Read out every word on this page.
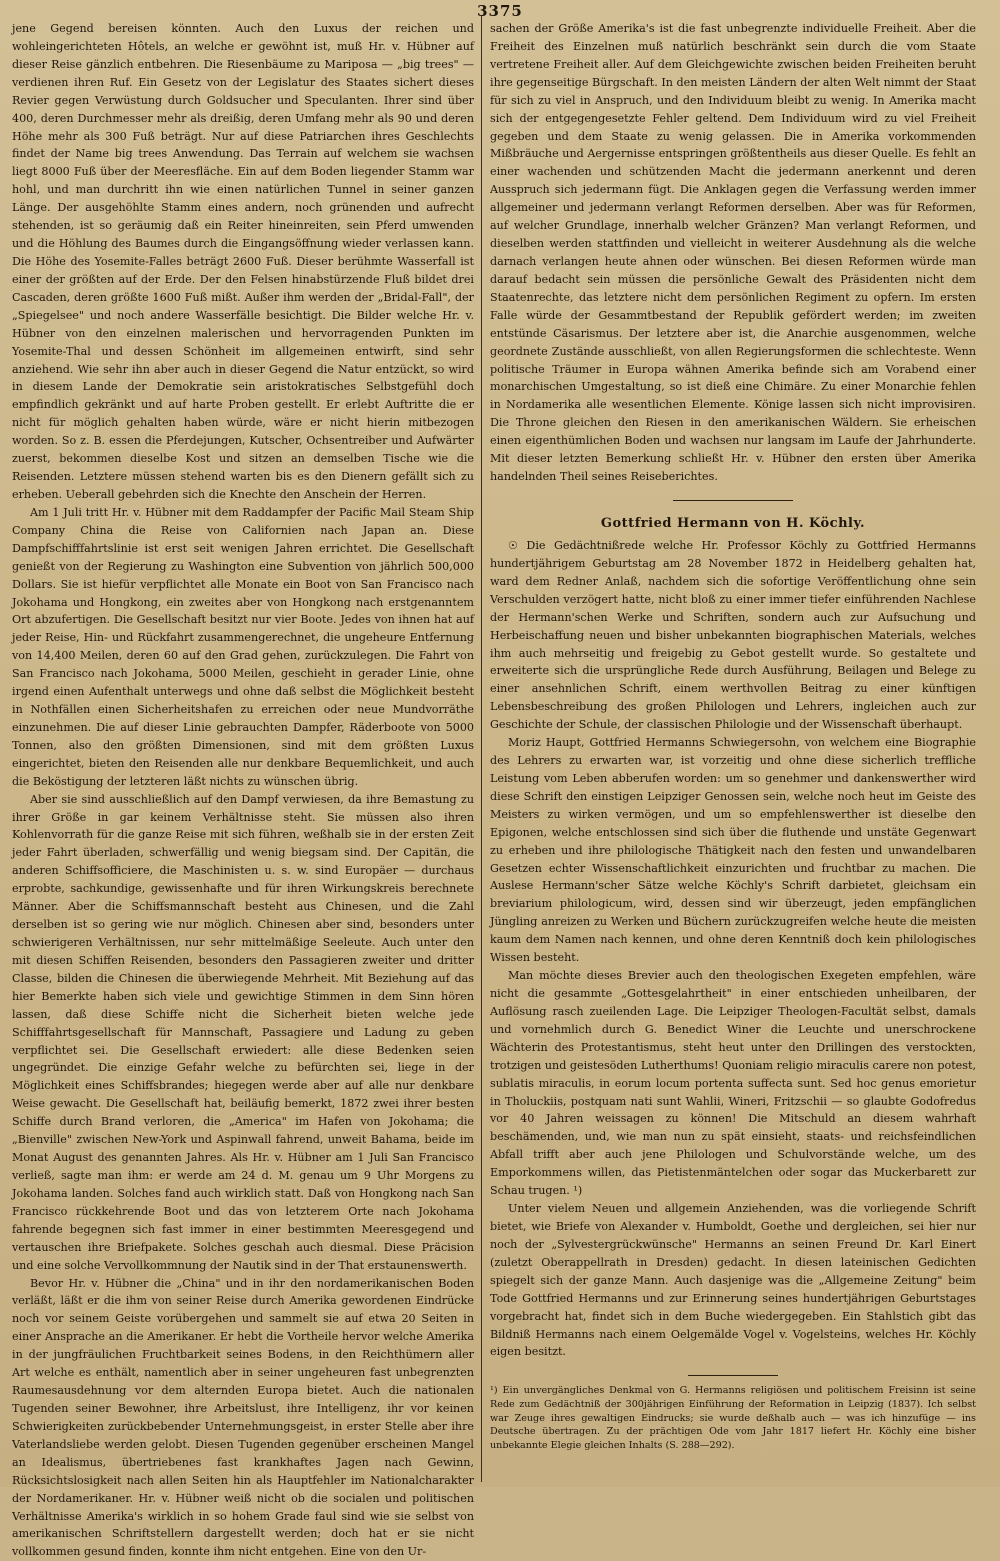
3375

jene Gegend bereisen könnten. Auch den Luxus der reichen und wohleingerichteten Hôtels, an welche er gewöhnt ist, muß Hr. v. Hübner auf dieser Reise gänzlich entbehren. Die Riesenbäume zu Mariposa — „big trees" — verdienen ihren Ruf. Ein Gesetz von der Legislatur des Staates sichert dieses Revier gegen Verwüstung durch Goldsucher und Speculanten. Ihrer sind über 400, deren Durchmesser mehr als dreißig, deren Umfang mehr als 90 und deren Höhe mehr als 300 Fuß beträgt. Nur auf diese Patriarchen ihres Geschlechts findet der Name big trees Anwendung. Das Terrain auf welchem sie wachsen liegt 8000 Fuß über der Meeresfläche. Ein auf dem Boden liegender Stamm war hohl, und man durchritt ihn wie einen natürlichen Tunnel in seiner ganzen Länge. Der ausgehöhlte Stamm eines andern, noch grünenden und aufrecht stehenden, ist so geräumig daß ein Reiter hineinreiten, sein Pferd umwenden und die Höhlung des Baumes durch die Eingangsöffnung wieder verlassen kann. Die Höhe des Yosemite-Falles beträgt 2600 Fuß. Dieser berühmte Wasserfall ist einer der größten auf der Erde. Der den Felsen hinabstürzende Fluß bildet drei Cascaden, deren größte 1600 Fuß mißt. Außer ihm werden der „Bridal-Fall", der „Spiegelsee" und noch andere Wasserfälle besichtigt. Die Bilder welche Hr. v. Hübner von den einzelnen malerischen und hervorragenden Punkten im Yosemite-Thal und dessen Schönheit im allgemeinen entwirft, sind sehr anziehend. Wie sehr ihn aber auch in dieser Gegend die Natur entzückt, so wird in diesem Lande der Demokratie sein aristokratisches Selbstgefühl doch empfindlich gekränkt und auf harte Proben gestellt. Er erlebt Auftritte die er nicht für möglich gehalten haben würde, wäre er nicht hierin mitbezogen worden. So z. B. essen die Pferdejungen, Kutscher, Ochsentreiber und Aufwärter zuerst, bekommen dieselbe Kost und sitzen an demselben Tische wie die Reisenden. Letztere müssen stehend warten bis es den Dienern gefällt sich zu erheben. Ueberall gebehrden sich die Knechte den Anschein der Herren.

Am 1 Juli tritt Hr. v. Hübner mit dem Raddampfer der Pacific Mail Steam Ship Company China die Reise von Californien nach Japan an. Diese Dampfschifffahrtslinie ist erst seit wenigen Jahren errichtet. Die Gesellschaft genießt von der Regierung zu Washington eine Subvention von jährlich 500,000 Dollars. Sie ist hiefür verpflichtet alle Monate ein Boot von San Francisco nach Jokohama und Hongkong, ein zweites aber von Hongkong nach erstgenanntem Ort abzufertigen. Die Gesellschaft besitzt nur vier Boote. Jedes von ihnen hat auf jeder Reise, Hin- und Rückfahrt zusammengerechnet, die ungeheure Entfernung von 14,400 Meilen, deren 60 auf den Grad gehen, zurückzulegen. Die Fahrt von San Francisco nach Jokohama, 5000 Meilen, geschieht in gerader Linie, ohne irgend einen Aufenthalt unterwegs und ohne daß selbst die Möglichkeit besteht in Nothfällen einen Sicherheitshafen zu erreichen oder neue Mundvorräthe einzunehmen. Die auf dieser Linie gebrauchten Dampfer, Räderboote von 5000 Tonnen, also den größten Dimensionen, sind mit dem größten Luxus eingerichtet, bieten den Reisenden alle nur denkbare Bequemlichkeit, und auch die Beköstigung der letzteren läßt nichts zu wünschen übrig.

Aber sie sind ausschließlich auf den Dampf verwiesen, da ihre Bemastung zu ihrer Größe in gar keinem Verhältnisse steht. Sie müssen also ihren Kohlenvorrath für die ganze Reise mit sich führen, weßhalb sie in der ersten Zeit jeder Fahrt überladen, schwerfällig und wenig biegsam sind. Der Capitän, die anderen Schiffsofficiere, die Maschinisten u. s. w. sind Europäer — durchaus erprobte, sachkundige, gewissenhafte und für ihren Wirkungskreis berechnete Männer. Aber die Schiffsmannschaft besteht aus Chinesen, und die Zahl derselben ist so gering wie nur möglich. Chinesen aber sind, besonders unter schwierigeren Verhältnissen, nur sehr mittelmäßige Seeleute. Auch unter den mit diesen Schiffen Reisenden, besonders den Passagieren zweiter und dritter Classe, bilden die Chinesen die überwiegende Mehrheit. Mit Beziehung auf das hier Bemerkte haben sich viele und gewichtige Stimmen in dem Sinn hören lassen, daß diese Schiffe nicht die Sicherheit bieten welche jede Schifffahrtsgesellschaft für Mannschaft, Passagiere und Ladung zu geben verpflichtet sei. Die Gesellschaft erwiedert: alle diese Bedenken seien ungegründet. Die einzige Gefahr welche zu befürchten sei, liege in der Möglichkeit eines Schiffsbrandes; hiegegen werde aber auf alle nur denkbare Weise gewacht. Die Gesellschaft hat, beiläufig bemerkt, 1872 zwei ihrer besten Schiffe durch Brand verloren, die „America" im Hafen von Jokohama; die „Bienville" zwischen New-York und Aspinwall fahrend, unweit Bahama, beide im Monat August des genannten Jahres. Als Hr. v. Hübner am 1 Juli San Francisco verließ, sagte man ihm: er werde am 24 d. M. genau um 9 Uhr Morgens zu Jokohama landen. Solches fand auch wirklich statt. Daß von Hongkong nach San Francisco rückkehrende Boot und das von letzterem Orte nach Jokohama fahrende begegnen sich fast immer in einer bestimmten Meeresgegend und vertauschen ihre Briefpakete. Solches geschah auch diesmal. Diese Präcision und eine solche Vervollkommnung der Nautik sind in der That erstaunenswerth.

Bevor Hr. v. Hübner die „China" und in ihr den nordamerikanischen Boden verläßt, läßt er die ihm von seiner Reise durch Amerika gewordenen Eindrücke noch vor seinem Geiste vorübergehen und sammelt sie auf etwa 20 Seiten in einer Ansprache an die Amerikaner. Er hebt die Vortheile hervor welche Amerika in der jungfräulichen Fruchtbarkeit seines Bodens, in den Reichthümern aller Art welche es enthält, namentlich aber in seiner ungeheuren fast unbegrenzten Raumesausdehnung vor dem alternden Europa bietet. Auch die nationalen Tugenden seiner Bewohner, ihre Arbeitslust, ihre Intelligenz, ihr vor keinen Schwierigkeiten zurückbebender Unternehmungsgeist, in erster Stelle aber ihre Vaterlandsliebe werden gelobt. Diesen Tugenden gegenüber erscheinen Mangel an Idealismus, übertriebenes fast krankhaftes Jagen nach Gewinn, Rücksichtslosigkeit nach allen Seiten hin als Hauptfehler im Nationalcharakter der Nordamerikaner. Hr. v. Hübner weiß nicht ob die socialen und politischen Verhältnisse Amerika's wirklich in so hohem Grade faul sind wie sie selbst von amerikanischen Schriftstellern dargestellt werden; doch hat er sie nicht vollkommen gesund finden, konnte ihm nicht entgehen. Eine von den Ur-

sachen der Größe Amerika's ist die fast unbegrenzte individuelle Freiheit. Aber die Freiheit des Einzelnen muß natürlich beschränkt sein durch die vom Staate vertretene Freiheit aller. Auf dem Gleichgewichte zwischen beiden Freiheiten beruht ihre gegenseitige Bürgschaft. In den meisten Ländern der alten Welt nimmt der Staat für sich zu viel in Anspruch, und den Individuum bleibt zu wenig. In Amerika macht sich der entgegengesetzte Fehler geltend. Dem Individuum wird zu viel Freiheit gegeben und dem Staate zu wenig gelassen. Die in Amerika vorkommenden Mißbräuche und Aergernisse entspringen größtentheils aus dieser Quelle. Es fehlt an einer wachenden und schützenden Macht die jedermann anerkennt und deren Ausspruch sich jedermann fügt. Die Anklagen gegen die Verfassung werden immer allgemeiner und jedermann verlangt Reformen derselben. Aber was für Reformen, auf welcher Grundlage, innerhalb welcher Gränzen? Man verlangt Reformen, und dieselben werden stattfinden und vielleicht in weiterer Ausdehnung als die welche darnach verlangen heute ahnen oder wünschen. Bei diesen Reformen würde man darauf bedacht sein müssen die persönliche Gewalt des Präsidenten nicht dem Staatenrechte, das letztere nicht dem persönlichen Regiment zu opfern. Im ersten Falle würde der Gesammtbestand der Republik gefördert werden; im zweiten entstünde Cäsarismus. Der letztere aber ist, die Anarchie ausgenommen, welche geordnete Zustände ausschließt, von allen Regierungsformen die schlechteste. Wenn politische Träumer in Europa wähnen Amerika befinde sich am Vorabend einer monarchischen Umgestaltung, so ist dieß eine Chimäre. Zu einer Monarchie fehlen in Nordamerika alle wesentlichen Elemente. Könige lassen sich nicht improvisiren. Die Throne gleichen den Riesen in den amerikanischen Wäldern. Sie erheischen einen eigenthümlichen Boden und wachsen nur langsam im Laufe der Jahrhunderte. Mit dieser letzten Bemerkung schließt Hr. v. Hübner den ersten über Amerika handelnden Theil seines Reiseberichtes.

Gottfried Hermann von H. Köchly.

☉ Die Gedächtnißrede welche Hr. Professor Köchly zu Gottfried Hermanns hundertjährigem Geburtstag am 28 November 1872 in Heidelberg gehalten hat, ward dem Redner Anlaß, nachdem sich die sofortige Veröffentlichung ohne sein Verschulden verzögert hatte, nicht bloß zu einer immer tiefer einführenden Nachlese der Hermann'schen Werke und Schriften, sondern auch zur Aufsuchung und Herbeischaffung neuen und bisher unbekannten biographischen Materials, welches ihm auch mehrseitig und freigebig zu Gebot gestellt wurde. So gestaltete und erweiterte sich die ursprüngliche Rede durch Ausführung, Beilagen und Belege zu einer ansehnlichen Schrift, einem werthvollen Beitrag zu einer künftigen Lebensbeschreibung des großen Philologen und Lehrers, ingleichen auch zur Geschichte der Schule, der classischen Philologie und der Wissenschaft überhaupt.

Moriz Haupt, Gottfried Hermanns Schwiegersohn, von welchem eine Biographie des Lehrers zu erwarten war, ist vorzeitig und ohne diese sicherlich treffliche Leistung vom Leben abberufen worden: um so genehmer und dankenswerther wird diese Schrift den einstigen Leipziger Genossen sein, welche noch heut im Geiste des Meisters zu wirken vermögen, und um so empfehlenswerther ist dieselbe den Epigonen, welche entschlossen sind sich über die fluthende und unstäte Gegenwart zu erheben und ihre philologische Thätigkeit nach den festen und unwandelbaren Gesetzen echter Wissenschaftlichkeit einzurichten und fruchtbar zu machen. Die Auslese Hermann'scher Sätze welche Köchly's Schrift darbietet, gleichsam ein breviarium philologicum, wird, dessen sind wir überzeugt, jeden empfänglichen Jüngling anreizen zu Werken und Büchern zurückzugreifen welche heute die meisten kaum dem Namen nach kennen, und ohne deren Kenntniß doch kein philologisches Wissen besteht.

Man möchte dieses Brevier auch den theologischen Exegeten empfehlen, wäre nicht die gesammte „Gottesgelahrtheit" in einer entschieden unheilbaren, der Auflösung rasch zueilenden Lage. Die Leipziger Theologen-Facultät selbst, damals und vornehmlich durch G. Benedict Winer die Leuchte und unerschrockene Wächterin des Protestantismus, steht heut unter den Drillingen des verstockten, trotzigen und geistesöden Lutherthums! Quoniam religio miraculis carere non potest, sublatis miraculis, in eorum locum portenta suffecta sunt. Sed hoc genus emorietur in Tholuckiis, postquam nati sunt Wahlii, Wineri, Fritzschii — so glaubte Godofredus vor 40 Jahren weissagen zu können! Die Mitschuld an diesem wahrhaft beschämenden, und, wie man nun zu spät einsieht, staats- und reichsfeindlichen Abfall trifft aber auch jene Philologen und Schulvorstände welche, um des Emporkommens willen, das Pietistenmäntelchen oder sogar das Muckerbarett zur Schau trugen. ¹)

Unter vielem Neuen und allgemein Anziehenden, was die vorliegende Schrift bietet, wie Briefe von Alexander v. Humboldt, Goethe und dergleichen, sei hier nur noch der „Sylvestergrückwünsche" Hermanns an seinen Freund Dr. Karl Einert (zuletzt Oberappellrath in Dresden) gedacht. In diesen lateinischen Gedichten spiegelt sich der ganze Mann. Auch dasjenige was die „Allgemeine Zeitung" beim Tode Gottfried Hermanns und zur Erinnerung seines hundertjährigen Geburtstages vorgebracht hat, findet sich in dem Buche wiedergegeben. Ein Stahlstich gibt das Bildniß Hermanns nach einem Oelgemälde Vogel v. Vogelsteins, welches Hr. Köchly eigen besitzt.

¹) Ein unvergängliches Denkmal von G. Hermanns religiösen und politischem Freisinn ist seine Rede zum Gedächtniß der 300jährigen Einführung der Reformation in Leipzig (1837). Ich selbst war Zeuge ihres gewaltigen Eindrucks; sie wurde deßhalb auch — was ich hinzufüge — ins Deutsche übertragen. Zu der prächtigen Ode vom Jahr 1817 liefert Hr. Köchly eine bisher unbekannte Elegie gleichen Inhalts (S. 288—292).
